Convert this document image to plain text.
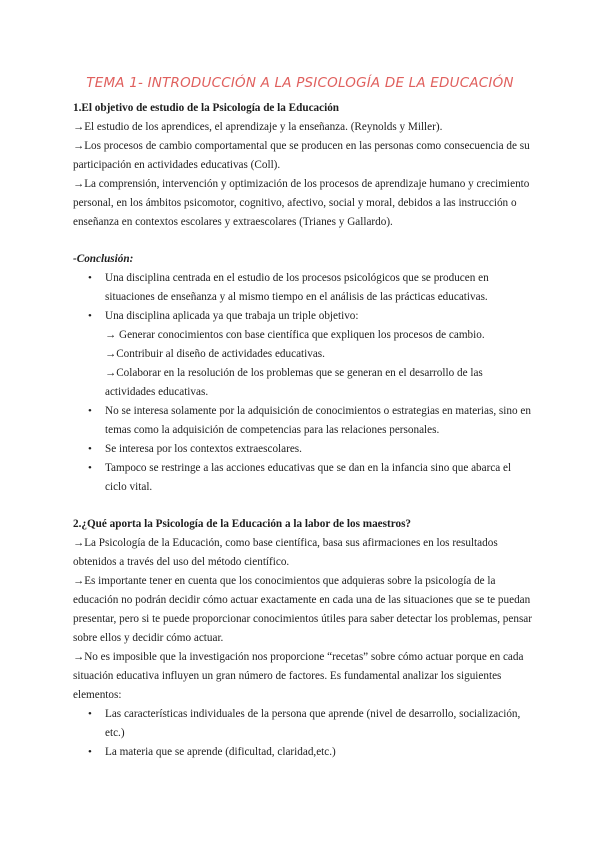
TEMA 1- INTRODUCCIÓN A LA PSICOLOGÍA DE LA EDUCACIÓN
1.El objetivo de estudio de la Psicología de la Educación

→El estudio de los aprendices, el aprendizaje y la enseñanza. (Reynolds y Miller).

→Los procesos de cambio comportamental que se producen en las personas como consecuencia de su participación en actividades educativas (Coll).

→La comprensión, intervención y optimización de los procesos de aprendizaje humano y crecimiento personal, en los ámbitos psicomotor, cognitivo, afectivo, social y moral, debidos a las instrucción o enseñanza en contextos escolares y extraescolares (Trianes y Gallardo).

-Conclusión:
• Una disciplina centrada en el estudio de los procesos psicológicos que se producen en situaciones de enseñanza y al mismo tiempo en el análisis de las prácticas educativas.
• Una disciplina aplicada ya que trabaja un triple objetivo:
→ Generar conocimientos con base científica que expliquen los procesos de cambio.
→Contribuir al diseño de actividades educativas.
→Colaborar en la resolución de los problemas que se generan en el desarrollo de las actividades educativas.
• No se interesa solamente por la adquisición de conocimientos o estrategias en materias, sino en temas como la adquisición de competencias para las relaciones personales.
• Se interesa por los contextos extraescolares.
• Tampoco se restringe a las acciones educativas que se dan en la infancia sino que abarca el ciclo vital.
2.¿Qué aporta la Psicología de la Educación a la labor de los maestros?

→La Psicología de la Educación, como base científica, basa sus afirmaciones en los resultados obtenidos a través del uso del método científico.

→Es importante tener en cuenta que los conocimientos que adquieras sobre la psicología de la educación no podrán decidir cómo actuar exactamente en cada una de las situaciones que se te puedan presentar, pero si te puede proporcionar conocimientos útiles para saber detectar los problemas, pensar sobre ellos y decidir cómo actuar.

→No es imposible que la investigación nos proporcione “recetas” sobre cómo actuar porque en cada situación educativa influyen un gran número de factores. Es fundamental analizar los siguientes elementos:

• Las características individuales de la persona que aprende (nivel de desarrollo, socialización, etc.)
• La materia que se aprende (dificultad, claridad,etc.)
